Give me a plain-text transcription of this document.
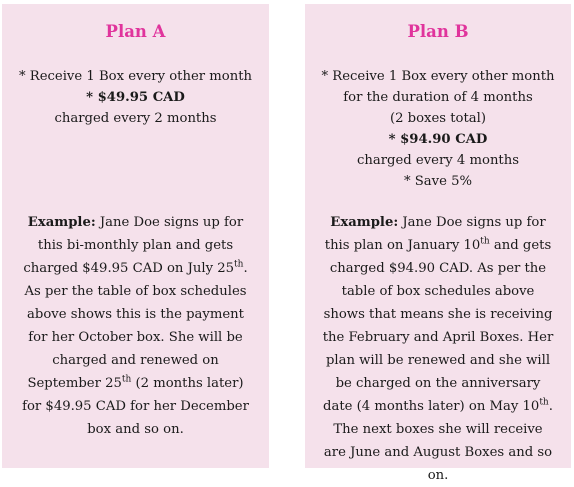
Plan A
* Receive 1 Box every other month
* $49.95 CAD
charged every 2 months

Example: Jane Doe signs up for this bi-monthly plan and gets charged $49.95 CAD on July 25th. As per the table of box schedules above shows this is the payment for her October box. She will be charged and renewed on September 25th (2 months later) for $49.95 CAD for her December box and so on.

Plan B
* Receive 1 Box every other month
for the duration of 4 months
(2 boxes total)
* $94.90 CAD
charged every 4 months
* Save 5%

Example: Jane Doe signs up for this plan on January 10th and gets charged $94.90 CAD. As per the table of box schedules above shows that means she is receiving the February and April Boxes. Her plan will be renewed and she will be charged on the anniversary date (4 months later) on May 10th. The next boxes she will receive are June and August Boxes and so on.
